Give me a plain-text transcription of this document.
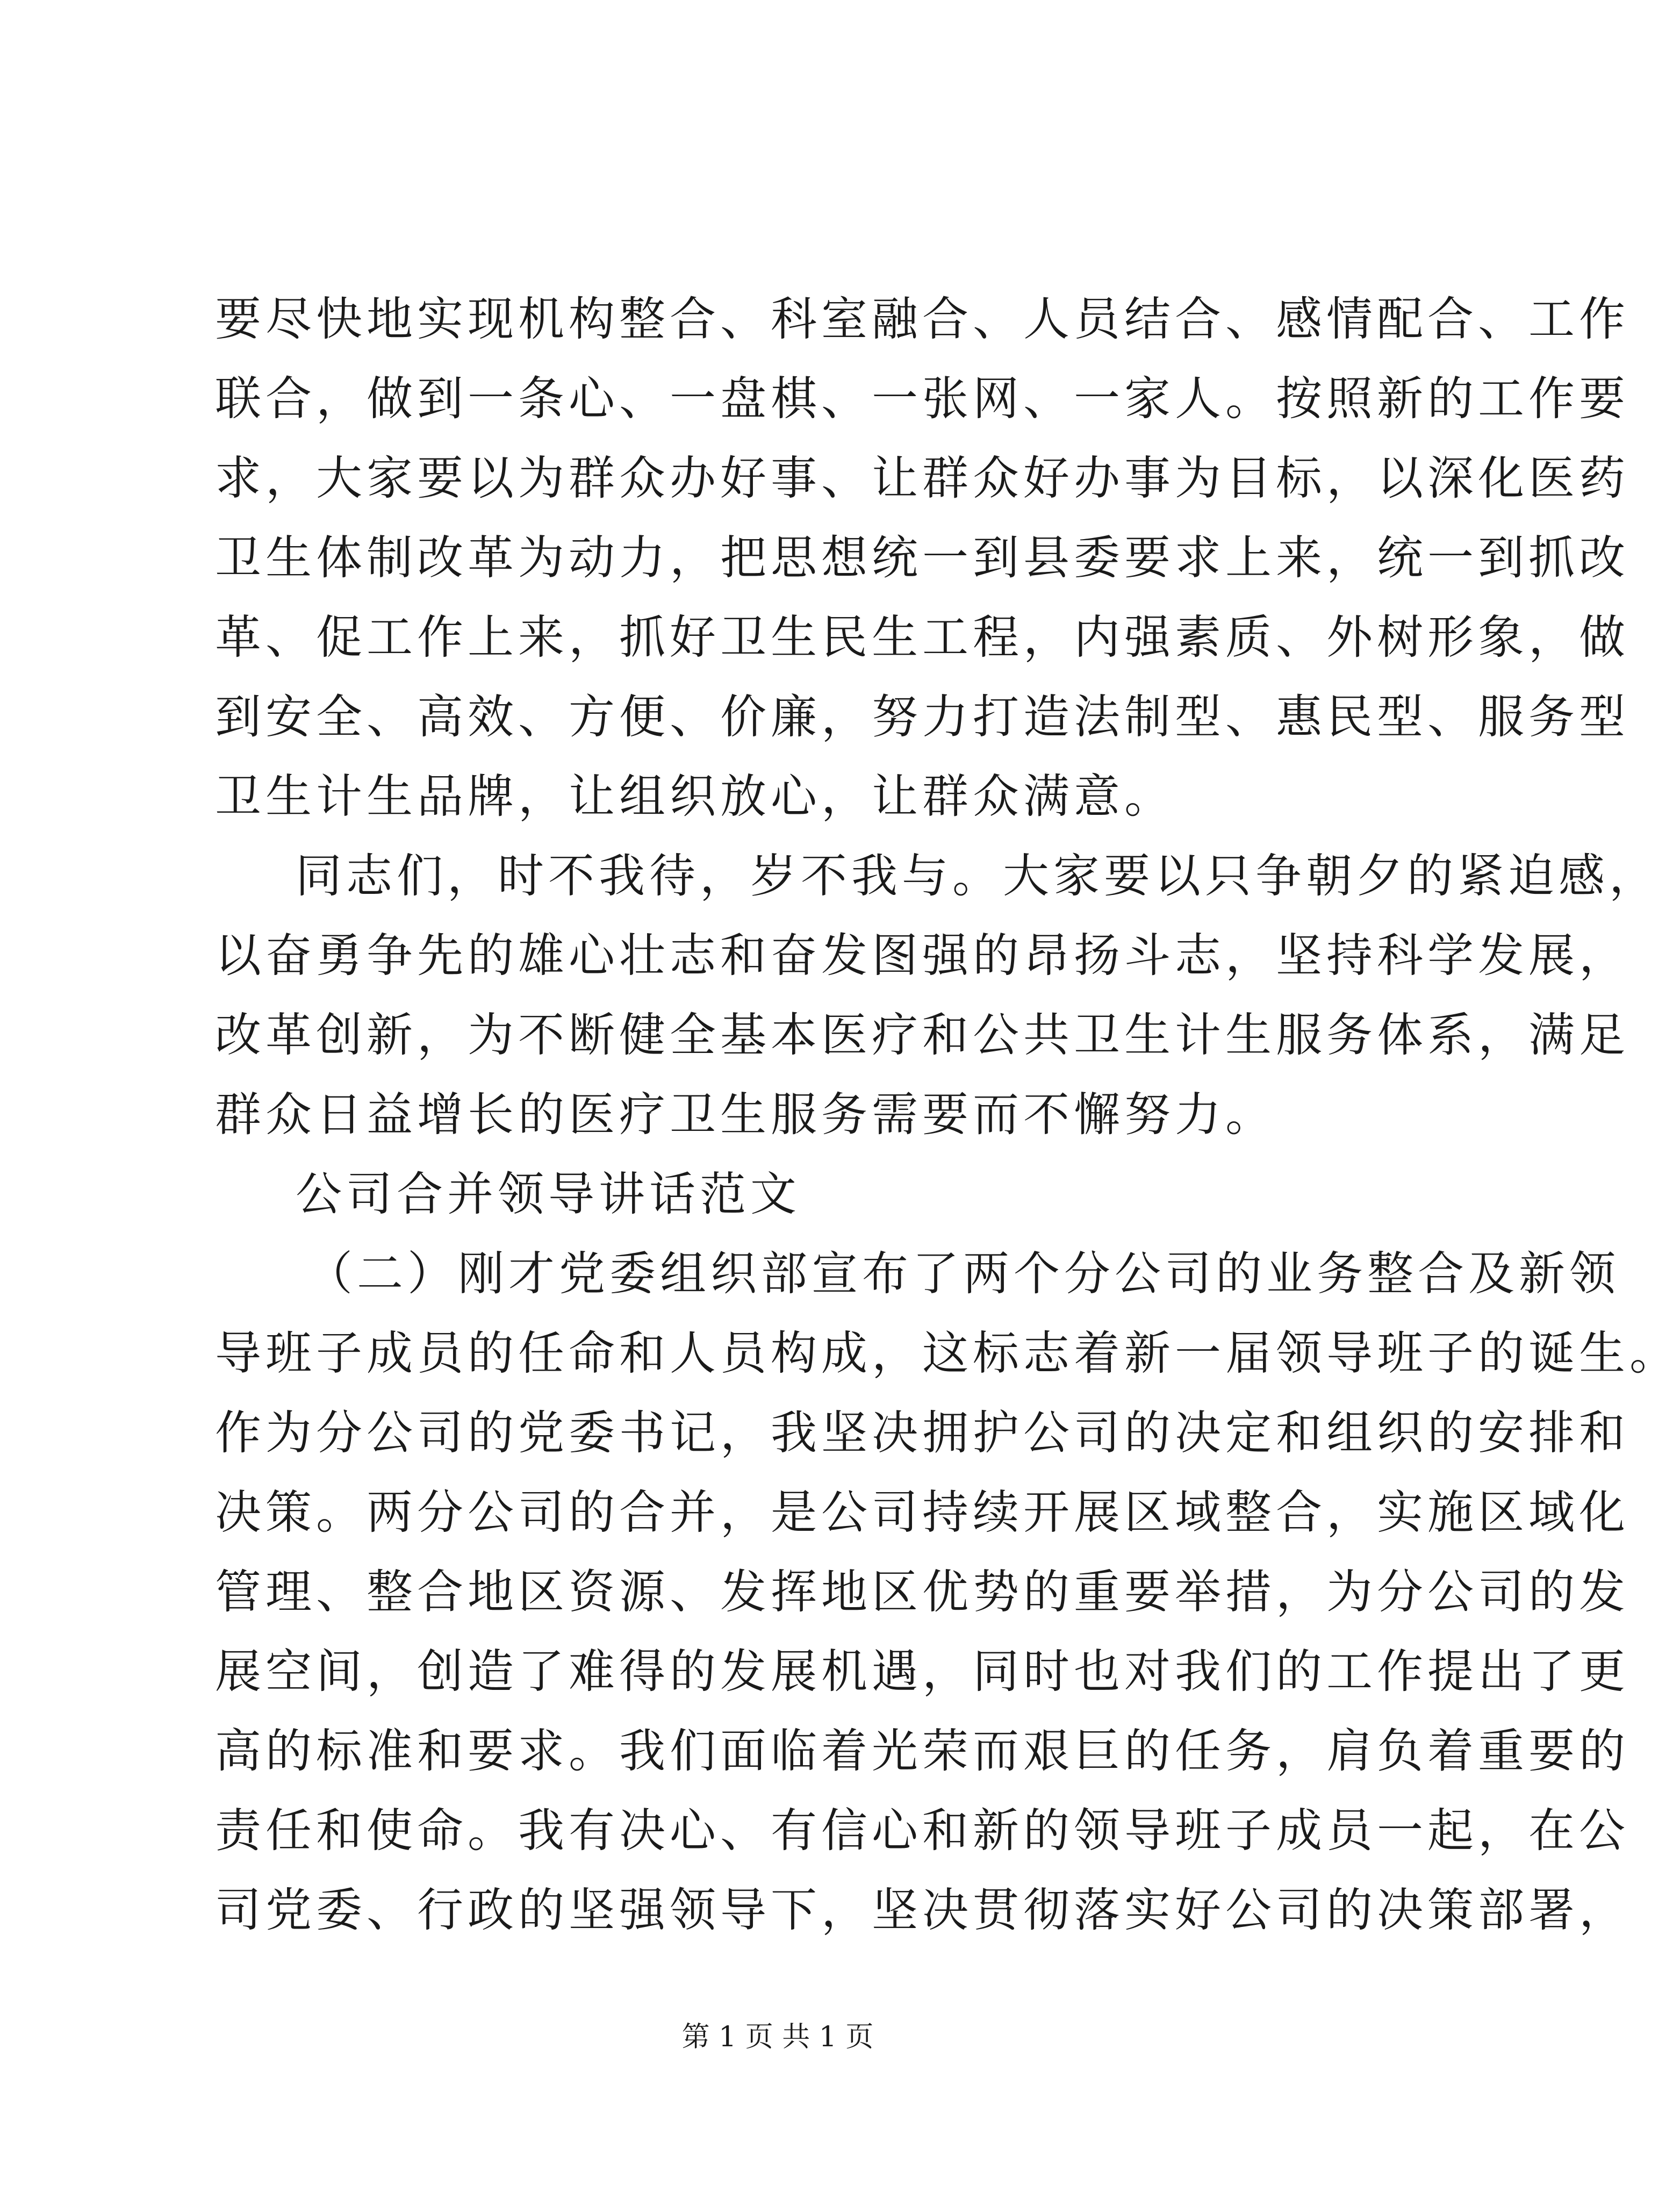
要尽快地实现机构整合、科室融合、人员结合、感情配合、工作
联合，做到一条心、一盘棋、一张网、一家人。按照新的工作要
求，大家要以为群众办好事、让群众好办事为目标，以深化医药
卫生体制改革为动力，把思想统一到县委要求上来，统一到抓改
革、促工作上来，抓好卫生民生工程，内强素质、外树形象，做
到安全、高效、方便、价廉，努力打造法制型、惠民型、服务型
卫生计生品牌，让组织放心，让群众满意。
同志们，时不我待，岁不我与。大家要以只争朝夕的紧迫感，
以奋勇争先的雄心壮志和奋发图强的昂扬斗志，坚持科学发展，
改革创新，为不断健全基本医疗和公共卫生计生服务体系，满足
群众日益增长的医疗卫生服务需要而不懈努力。
公司合并领导讲话范文
（二）刚才党委组织部宣布了两个分公司的业务整合及新领
导班子成员的任命和人员构成，这标志着新一届领导班子的诞生。
作为分公司的党委书记，我坚决拥护公司的决定和组织的安排和
决策。两分公司的合并，是公司持续开展区域整合，实施区域化
管理、整合地区资源、发挥地区优势的重要举措，为分公司的发
展空间，创造了难得的发展机遇，同时也对我们的工作提出了更
高的标准和要求。我们面临着光荣而艰巨的任务，肩负着重要的
责任和使命。我有决心、有信心和新的领导班子成员一起，在公
司党委、行政的坚强领导下，坚决贯彻落实好公司的决策部署，
第 1 页 共 1 页
